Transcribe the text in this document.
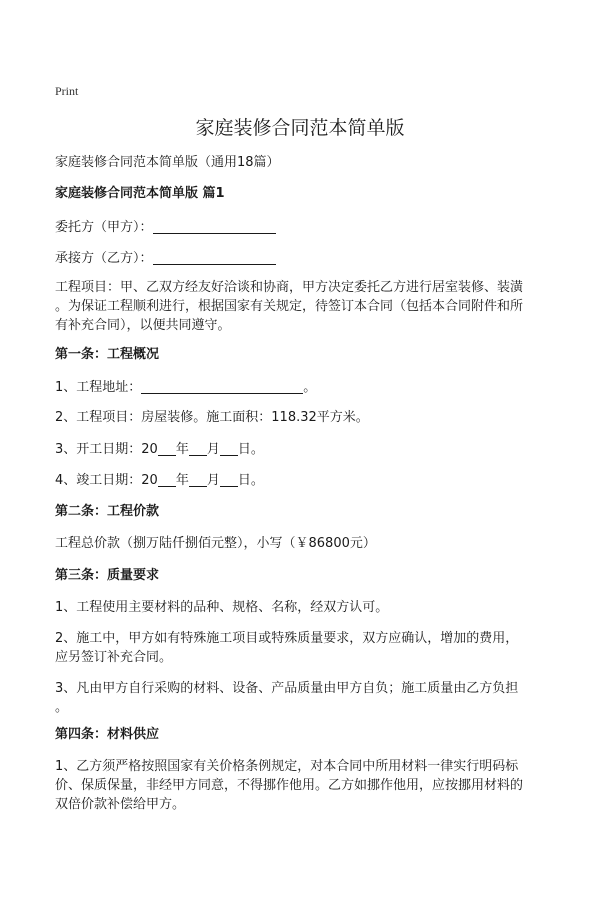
Print
家庭装修合同范本简单版
家庭装修合同范本简单版（通用18篇）
家庭装修合同范本简单版 篇1
委托方（甲方）：
承接方（乙方）：
工程项目：甲、乙双方经友好洽谈和协商，甲方决定委托乙方进行居室装修、装潢
。为保证工程顺利进行，根据国家有关规定，待签订本合同（包括本合同附件和所
有补充合同），以便共同遵守。
第一条：工程概况
1、工程地址：	。
2、工程项目：房屋装修。施工面积：118.32平方米。
3、开工日期：20 年 月 日。
4、竣工日期：20 年 月 日。
第二条：工程价款
工程总价款（捌万陆仟捌佰元整），小写（￥86800元）
第三条：质量要求
1、工程使用主要材料的品种、规格、名称，经双方认可。
2、施工中，甲方如有特殊施工项目或特殊质量要求，双方应确认，增加的费用，
应另签订补充合同。
3、凡由甲方自行采购的材料、设备、产品质量由甲方自负；施工质量由乙方负担
。
第四条：材料供应
1、乙方须严格按照国家有关价格条例规定，对本合同中所用材料一律实行明码标
价、保质保量，非经甲方同意，不得挪作他用。乙方如挪作他用，应按挪用材料的
双倍价款补偿给甲方。
